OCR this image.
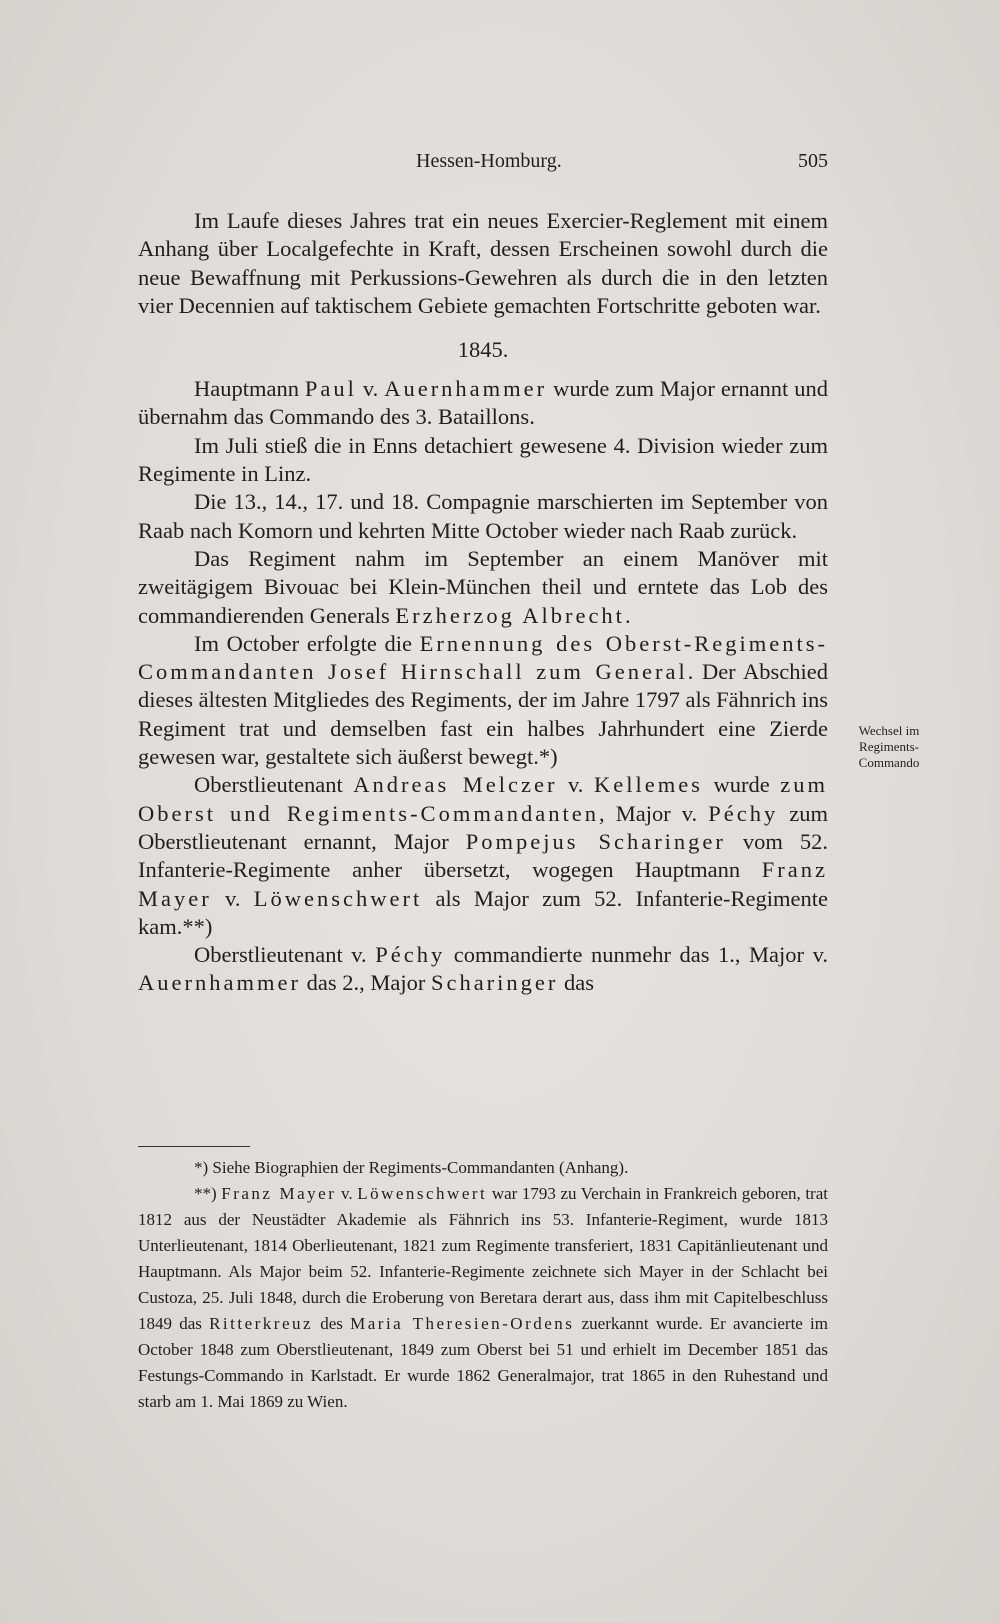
Hessen-Homburg.	505

Im Laufe dieses Jahres trat ein neues Exercier-Reglement mit einem Anhang über Localgefechte in Kraft, dessen Erscheinen sowohl durch die neue Bewaffnung mit Perkussions-Gewehren als durch die in den letzten vier Decennien auf taktischem Gebiete gemachten Fortschritte geboten war.

1845.

Hauptmann Paul v. Auernhammer wurde zum Major ernannt und übernahm das Commando des 3. Bataillons.

Im Juli stieß die in Enns detachiert gewesene 4. Division wieder zum Regimente in Linz.

Die 13., 14., 17. und 18. Compagnie marschierten im September von Raab nach Komorn und kehrten Mitte October wieder nach Raab zurück.

Das Regiment nahm im September an einem Manöver mit zweitägigem Bivouac bei Klein-München theil und erntete das Lob des commandierenden Generals Erzherzog Albrecht.

Im October erfolgte die Ernennung des Oberst-Regiments-Commandanten Josef Hirnschall zum General. Der Abschied dieses ältesten Mitgliedes des Regiments, der im Jahre 1797 als Fähnrich ins Regiment trat und demselben fast ein halbes Jahrhundert eine Zierde gewesen war, gestaltete sich äußerst bewegt.*)

Oberstlieutenant Andreas Melczer v. Kellemes wurde zum Oberst und Regiments-Commandanten, Major v. Péchy zum Oberstlieutenant ernannt, Major Pompejus Scharinger vom 52. Infanterie-Regimente anher übersetzt, wogegen Hauptmann Franz Mayer v. Löwenschwert als Major zum 52. Infanterie-Regimente kam.**)

Oberstlieutenant v. Péchy commandierte nunmehr das 1., Major v. Auernhammer das 2., Major Scharinger das

Wechsel im
Regiments-
Commando

*) Siehe Biographien der Regiments-Commandanten (Anhang).

**) Franz Mayer v. Löwenschwert war 1793 zu Verchain in Frankreich geboren, trat 1812 aus der Neustädter Akademie als Fähnrich ins 53. Infanterie-Regiment, wurde 1813 Unterlieutenant, 1814 Oberlieutenant, 1821 zum Regimente transferiert, 1831 Capitänlieutenant und Hauptmann. Als Major beim 52. Infanterie-Regimente zeichnete sich Mayer in der Schlacht bei Custoza, 25. Juli 1848, durch die Eroberung von Beretara derart aus, dass ihm mit Capitelbeschluss 1849 das Ritterkreuz des Maria Theresien-Ordens zuerkannt wurde. Er avancierte im October 1848 zum Oberstlieutenant, 1849 zum Oberst bei 51 und erhielt im December 1851 das Festungs-Commando in Karlstadt. Er wurde 1862 Generalmajor, trat 1865 in den Ruhestand und starb am 1. Mai 1869 zu Wien.
